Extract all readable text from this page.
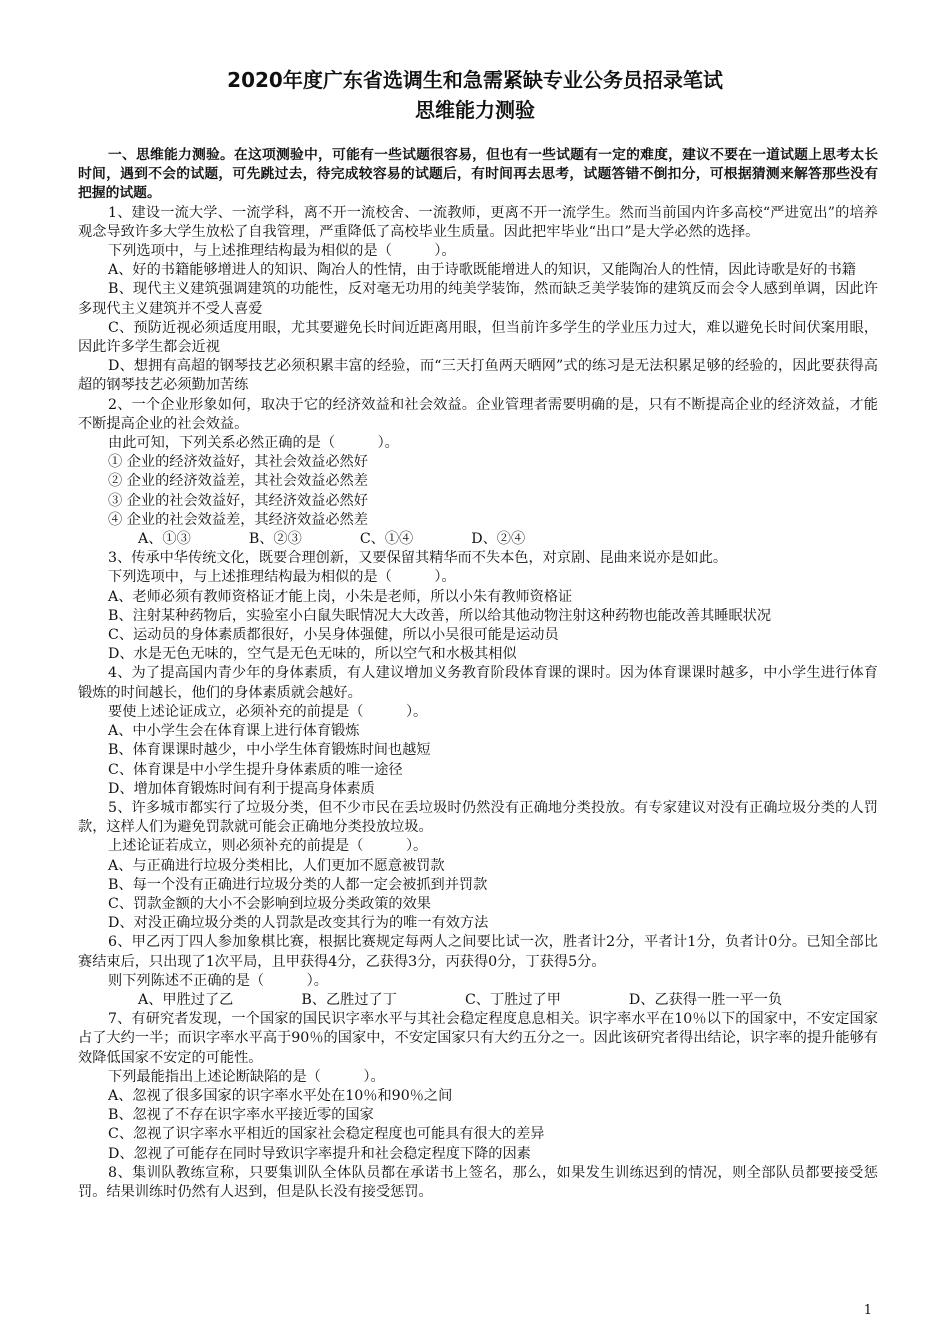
2020年度广东省选调生和急需紧缺专业公务员招录笔试
思维能力测验

一、思维能力测验。在这项测验中，可能有一些试题很容易，但也有一些试题有一定的难度，建议不要在一道试题上思考太长时间，遇到不会的试题，可先跳过去，待完成较容易的试题后，有时间再去思考，试题答错不倒扣分，可根据猜测来解答那些没有把握的试题。

1、建设一流大学、一流学科，离不开一流校舍、一流教师，更离不开一流学生。然而当前国内许多高校“严进宽出”的培养观念导致许多大学生放松了自我管理，严重降低了高校毕业生质量。因此把牢毕业“出口”是大学必然的选择。

下列选项中，与上述推理结构最为相似的是（　　　）。

A、好的书籍能够增进人的知识、陶冶人的性情，由于诗歌既能增进人的知识，又能陶冶人的性情，因此诗歌是好的书籍

B、现代主义建筑强调建筑的功能性，反对毫无功用的纯美学装饰，然而缺乏美学装饰的建筑反而会令人感到单调，因此许多现代主义建筑并不受人喜爱

C、预防近视必须适度用眼，尤其要避免长时间近距离用眼，但当前许多学生的学业压力过大，难以避免长时间伏案用眼，因此许多学生都会近视

D、想拥有高超的钢琴技艺必须积累丰富的经验，而“三天打鱼两天晒网”式的练习是无法积累足够的经验的，因此要获得高超的钢琴技艺必须勤加苦练

2、一个企业形象如何，取决于它的经济效益和社会效益。企业管理者需要明确的是，只有不断提高企业的经济效益，才能不断提高企业的社会效益。

由此可知，下列关系必然正确的是（　　　）。

① 企业的经济效益好，其社会效益必然好

② 企业的经济效益差，其社会效益必然差

③ 企业的社会效益好，其经济效益必然好

④ 企业的社会效益差，其经济效益必然差

A、①③	B、②③	C、①④	D、②④

3、传承中华传统文化，既要合理创新，又要保留其精华而不失本色，对京剧、昆曲来说亦是如此。

下列选项中，与上述推理结构最为相似的是（　　　）。

A、老师必须有教师资格证才能上岗，小朱是老师，所以小朱有教师资格证

B、注射某种药物后，实验室小白鼠失眠情况大大改善，所以给其他动物注射这种药物也能改善其睡眠状况

C、运动员的身体素质都很好，小吴身体强健，所以小吴很可能是运动员

D、水是无色无味的，空气是无色无味的，所以空气和水极其相似

4、为了提高国内青少年的身体素质，有人建议增加义务教育阶段体育课的课时。因为体育课课时越多，中小学生进行体育锻炼的时间越长，他们的身体素质就会越好。

要使上述论证成立，必须补充的前提是（　　　）。

A、中小学生会在体育课上进行体育锻炼

B、体育课课时越少，中小学生体育锻炼时间也越短

C、体育课是中小学生提升身体素质的唯一途径

D、增加体育锻炼时间有利于提高身体素质

5、许多城市都实行了垃圾分类，但不少市民在丢垃圾时仍然没有正确地分类投放。有专家建议对没有正确垃圾分类的人罚款，这样人们为避免罚款就可能会正确地分类投放垃圾。

上述论证若成立，则必须补充的前提是（　　　）。

A、与正确进行垃圾分类相比，人们更加不愿意被罚款

B、每一个没有正确进行垃圾分类的人都一定会被抓到并罚款

C、罚款金额的大小不会影响到垃圾分类政策的效果

D、对没正确垃圾分类的人罚款是改变其行为的唯一有效方法

6、甲乙丙丁四人参加象棋比赛，根据比赛规定每两人之间要比试一次，胜者计2分，平者计1分，负者计0分。已知全部比赛结束后，只出现了1次平局，且甲获得4分，乙获得3分，丙获得0分，丁获得5分。

则下列陈述不正确的是（　　　）。

A、甲胜过了乙	B、乙胜过了丁	C、丁胜过了甲	D、乙获得一胜一平一负

7、有研究者发现，一个国家的国民识字率水平与其社会稳定程度息息相关。识字率水平在10％以下的国家中，不安定国家占了大约一半；而识字率水平高于90％的国家中，不安定国家只有大约五分之一。因此该研究者得出结论，识字率的提升能够有效降低国家不安定的可能性。

下列最能指出上述论断缺陷的是（　　　）。

A、忽视了很多国家的识字率水平处在10％和90％之间

B、忽视了不存在识字率水平接近零的国家

C、忽视了识字率水平相近的国家社会稳定程度也可能具有很大的差异

D、忽视了可能存在同时导致识字率提升和社会稳定程度下降的因素

8、集训队教练宣称，只要集训队全体队员都在承诺书上签名，那么，如果发生训练迟到的情况，则全部队员都要接受惩罚。结果训练时仍然有人迟到，但是队长没有接受惩罚。

1
